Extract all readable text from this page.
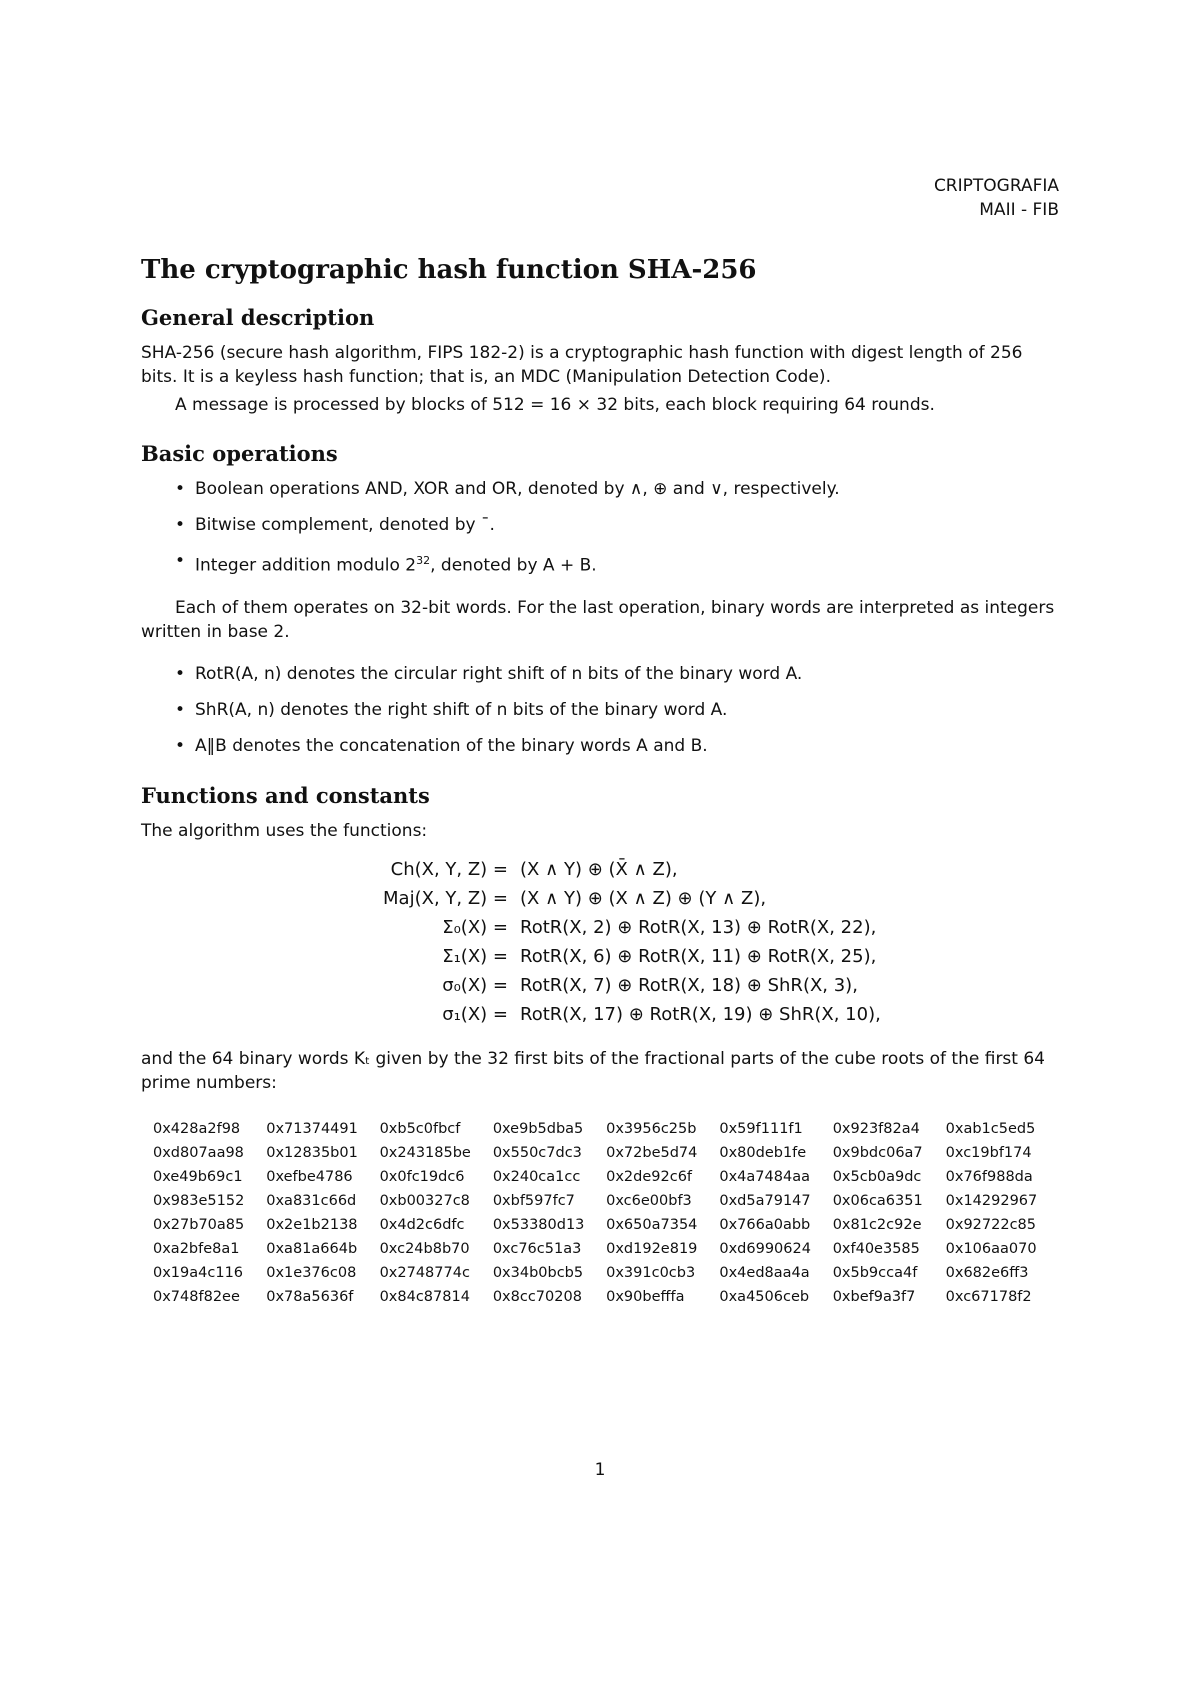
CRIPTOGRAFIA
MAII - FIB
The cryptographic hash function SHA-256
General description

SHA-256 (secure hash algorithm, FIPS 182-2) is a cryptographic hash function with digest length of 256 bits. It is a keyless hash function; that is, an MDC (Manipulation Detection Code).

A message is processed by blocks of 512 = 16 × 32 bits, each block requiring 64 rounds.

Basic operations
• Boolean operations AND, XOR and OR, denoted by ∧, ⊕ and ∨, respectively.
• Bitwise complement, denoted by ¯.
• Integer addition modulo $2^{32}$, denoted by A + B.

Each of them operates on 32-bit words. For the last operation, binary words are interpreted as integers written in base 2.

• RotR(A, n) denotes the circular right shift of n bits of the binary word A.
• ShR(A, n) denotes the right shift of n bits of the binary word A.
• A‖B denotes the concatenation of the binary words A and B.
Functions and constants

The algorithm uses the functions:

Ch(X, Y, Z) = (X ∧ Y) ⊕ (X̄ ∧ Z),
Maj(X, Y, Z) = (X ∧ Y) ⊕ (X ∧ Z) ⊕ (Y ∧ Z),
Σ₀(X) = RotR(X, 2) ⊕ RotR(X, 13) ⊕ RotR(X, 22),
Σ₁(X) = RotR(X, 6) ⊕ RotR(X, 11) ⊕ RotR(X, 25),
σ₀(X) = RotR(X, 7) ⊕ RotR(X, 18) ⊕ ShR(X, 3),
σ₁(X) = RotR(X, 17) ⊕ RotR(X, 19) ⊕ ShR(X, 10),

and the 64 binary words Kₜ given by the 32 first bits of the fractional parts of the cube roots of the first 64 prime numbers:

0x428a2f98	0x71374491	0xb5c0fbcf	0xe9b5dba5	0x3956c25b	0x59f111f1	0x923f82a4	0xab1c5ed5
0xd807aa98	0x12835b01	0x243185be	0x550c7dc3	0x72be5d74	0x80deb1fe	0x9bdc06a7	0xc19bf174
0xe49b69c1	0xefbe4786	0x0fc19dc6	0x240ca1cc	0x2de92c6f	0x4a7484aa	0x5cb0a9dc	0x76f988da
0x983e5152	0xa831c66d	0xb00327c8	0xbf597fc7	0xc6e00bf3	0xd5a79147	0x06ca6351	0x14292967
0x27b70a85	0x2e1b2138	0x4d2c6dfc	0x53380d13	0x650a7354	0x766a0abb	0x81c2c92e	0x92722c85
0xa2bfe8a1	0xa81a664b	0xc24b8b70	0xc76c51a3	0xd192e819	0xd6990624	0xf40e3585	0x106aa070
0x19a4c116	0x1e376c08	0x2748774c	0x34b0bcb5	0x391c0cb3	0x4ed8aa4a	0x5b9cca4f	0x682e6ff3
0x748f82ee	0x78a5636f	0x84c87814	0x8cc70208	0x90befffa	0xa4506ceb	0xbef9a3f7	0xc67178f2
1
